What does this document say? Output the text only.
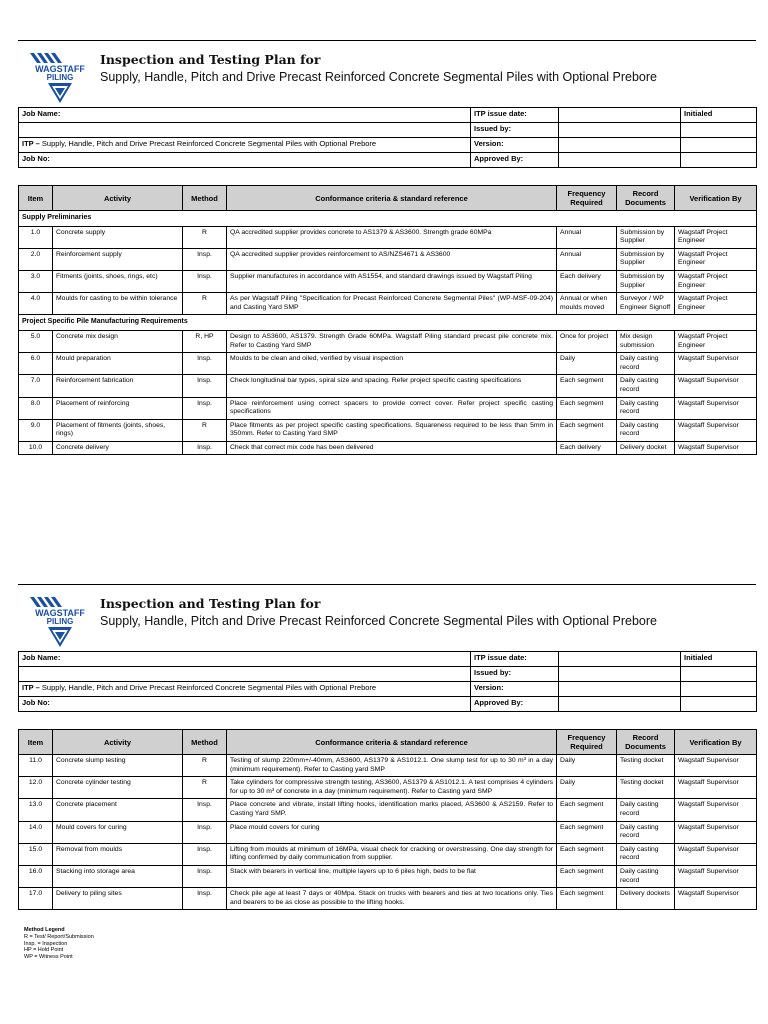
WAGSTAFF
PILING
Inspection and Testing Plan for
Supply, Handle, Pitch and Drive Precast Reinforced Concrete Segmental Piles with Optional Prebore
Job Name:	ITP issue date:		Initialed
	Issued by:		
ITP – Supply, Handle, Pitch and Drive Precast Reinforced Concrete Segmental Piles with Optional Prebore	Version:		
Job No:	Approved By:		
Item	Activity	Method	Conformance criteria & standard reference	Frequency Required	Record Documents	Verification By
Supply Preliminaries						
1.0	Concrete supply	R	QA accredited supplier provides concrete to AS1379 & AS3600. Strength grade 60MPa	Annual	Submission by Supplier	Wagstaff Project Engineer
2.0	Reinforcement supply	Insp.	QA accredited supplier provides reinforcement to AS/NZS4671 & AS3600	Annual	Submission by Supplier	Wagstaff Project Engineer
3.0	Fitments (joints, shoes, rings, etc)	Insp.	Supplier manufactures in accordance with AS1554, and standard drawings issued by Wagstaff Piling	Each delivery	Submission by Supplier	Wagstaff Project Engineer
4.0	Moulds for casting to be within tolerance	R	As per Wagstaff Piling "Specification for Precast Reinforced Concrete Segmental Piles" (WP-MSF-09-204) and Casting Yard SMP	Annual or when moulds moved	Surveyor / WP Engineer Signoff	Wagstaff Project Engineer
Project Specific Pile Manufacturing Requirements						
5.0	Concrete mix design	R, HP	Design to AS3600, AS1379. Strength Grade 60MPa. Wagstaff Piling standard precast pile concrete mix. Refer to Casting Yard SMP	Once for project	Mix design submission	Wagstaff Project Engineer
6.0	Mould preparation	Insp.	Moulds to be clean and oiled, verified by visual inspection	Daily	Daily casting record	Wagstaff Supervisor
7.0	Reinforcement fabrication	Insp.	Check longitudinal bar types, spiral size and spacing. Refer project specific casting specifications	Each segment	Daily casting record	Wagstaff Supervisor
8.0	Placement of reinforcing	Insp.	Place reinforcement using correct spacers to provide correct cover. Refer project specific casting specifications	Each segment	Daily casting record	Wagstaff Supervisor
9.0	Placement of fitments (joints, shoes, rings)	R	Place fitments as per project specific casting specifications. Squareness required to be less than 5mm in 350mm. Refer to Casting Yard SMP	Each segment	Daily casting record	Wagstaff Supervisor
10.0	Concrete delivery	Insp.	Check that correct mix code has been delivered	Each delivery	Delivery docket	Wagstaff Supervisor
WAGSTAFF
PILING
Inspection and Testing Plan for
Supply, Handle, Pitch and Drive Precast Reinforced Concrete Segmental Piles with Optional Prebore
Job Name:	ITP issue date:		Initialed
	Issued by:		
ITP – Supply, Handle, Pitch and Drive Precast Reinforced Concrete Segmental Piles with Optional Prebore	Version:		
Job No:	Approved By:		
Item	Activity	Method	Conformance criteria & standard reference	Frequency Required	Record Documents	Verification By
11.0	Concrete slump testing	R	Testing of slump 220mm+/-40mm, AS3600, AS1379 & AS1012.1. One slump test for up to 30 m³ in a day (minimum requirement). Refer to Casting yard SMP	Daily	Testing docket	Wagstaff Supervisor
12.0	Concrete cylinder testing	R	Take cylinders for compressive strength testing, AS3600, AS1379 & AS1012.1. A test comprises 4 cylinders for up to 30 m³ of concrete in a day (minimum requirement). Refer to Casting yard SMP	Daily	Testing docket	Wagstaff Supervisor
13.0	Concrete placement	Insp.	Place concrete and vibrate, install lifting hooks, identification marks placed, AS3600 & AS2159. Refer to Casting Yard SMP.	Each segment	Daily casting record	Wagstaff Supervisor
14.0	Mould covers for curing	Insp.	Place mould covers for curing	Each segment	Daily casting record	Wagstaff Supervisor
15.0	Removal from moulds	Insp.	Lifting from moulds at minimum of 16MPa, visual check for cracking or overstressing. One day strength for lifting confirmed by daily communication from supplier.	Each segment	Daily casting record	Wagstaff Supervisor
16.0	Stacking into storage area	Insp.	Stack with bearers in vertical line, multiple layers up to 6 piles high, beds to be flat	Each segment	Daily casting record	Wagstaff Supervisor
17.0	Delivery to piling sites	Insp.	Check pile age at least 7 days or 40Mpa. Stack on trucks with bearers and ties at two locations only. Ties and bearers to be as close as possible to the lifting hooks.	Each segment	Delivery dockets	Wagstaff Supervisor
Method Legend
R = Test/ Report/Submission
Insp. = Inspection
HP = Hold Point
WP = Witness Point
